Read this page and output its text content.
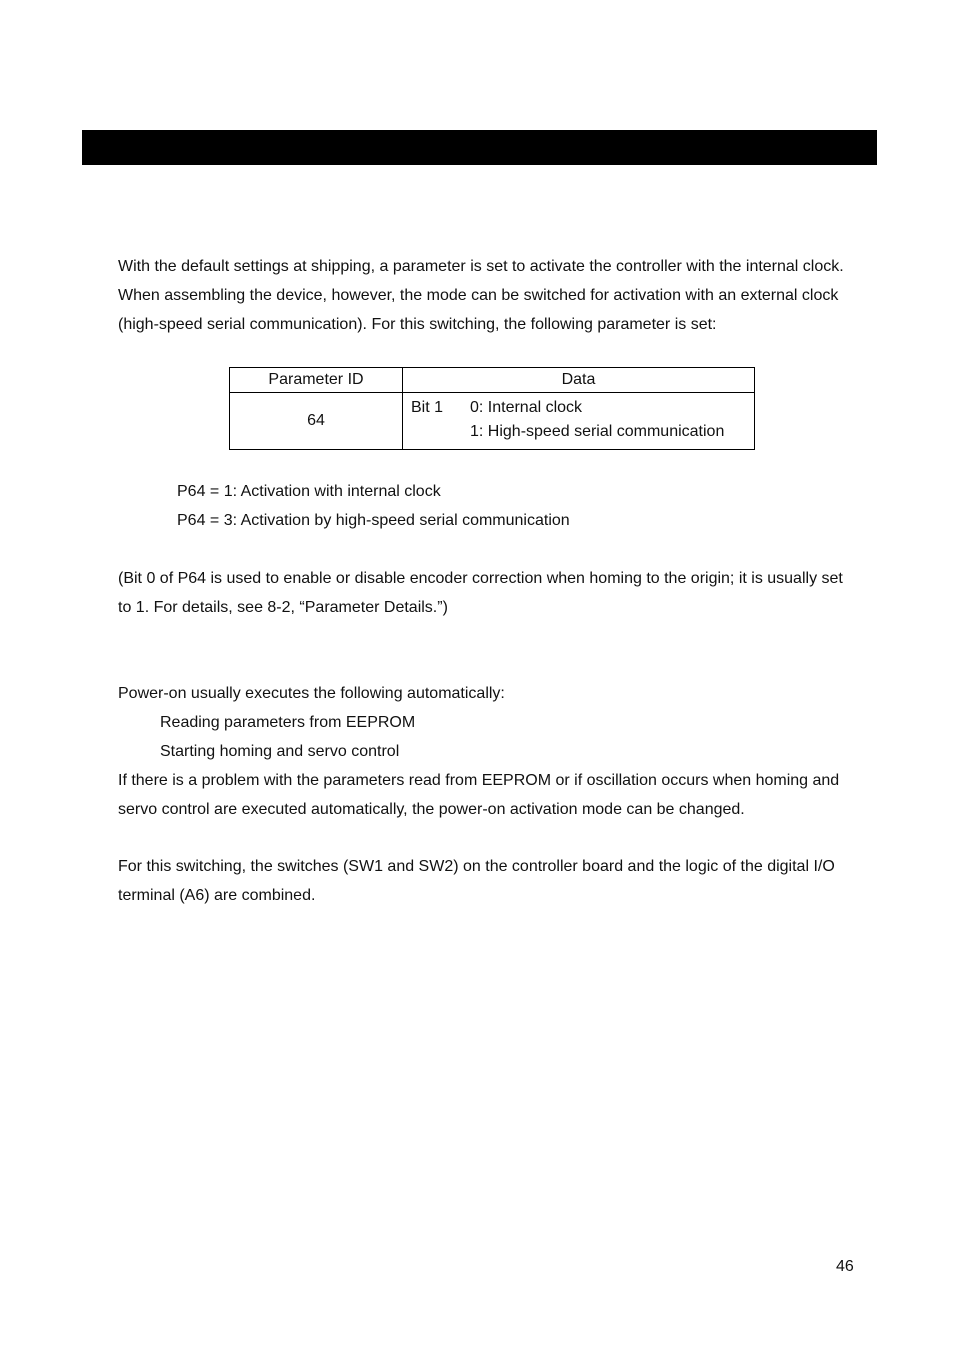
With the default settings at shipping, a parameter is set to activate the controller with the internal clock.
When assembling the device, however, the mode can be switched for activation with an external clock
(high-speed serial communication). For this switching, the following parameter is set:
Parameter ID	Data
64	Bit 1 0: Internal clock
1: High-speed serial communication
P64 = 1: Activation with internal clock
P64 = 3: Activation by high-speed serial communication
(Bit 0 of P64 is used to enable or disable encoder correction when homing to the origin; it is usually set
to 1. For details, see 8-2, “Parameter Details.”)
Power-on usually executes the following automatically:
Reading parameters from EEPROM
Starting homing and servo control
If there is a problem with the parameters read from EEPROM or if oscillation occurs when homing and
servo control are executed automatically, the power-on activation mode can be changed.
For this switching, the switches (SW1 and SW2) on the controller board and the logic of the digital I/O
terminal (A6) are combined.
46
